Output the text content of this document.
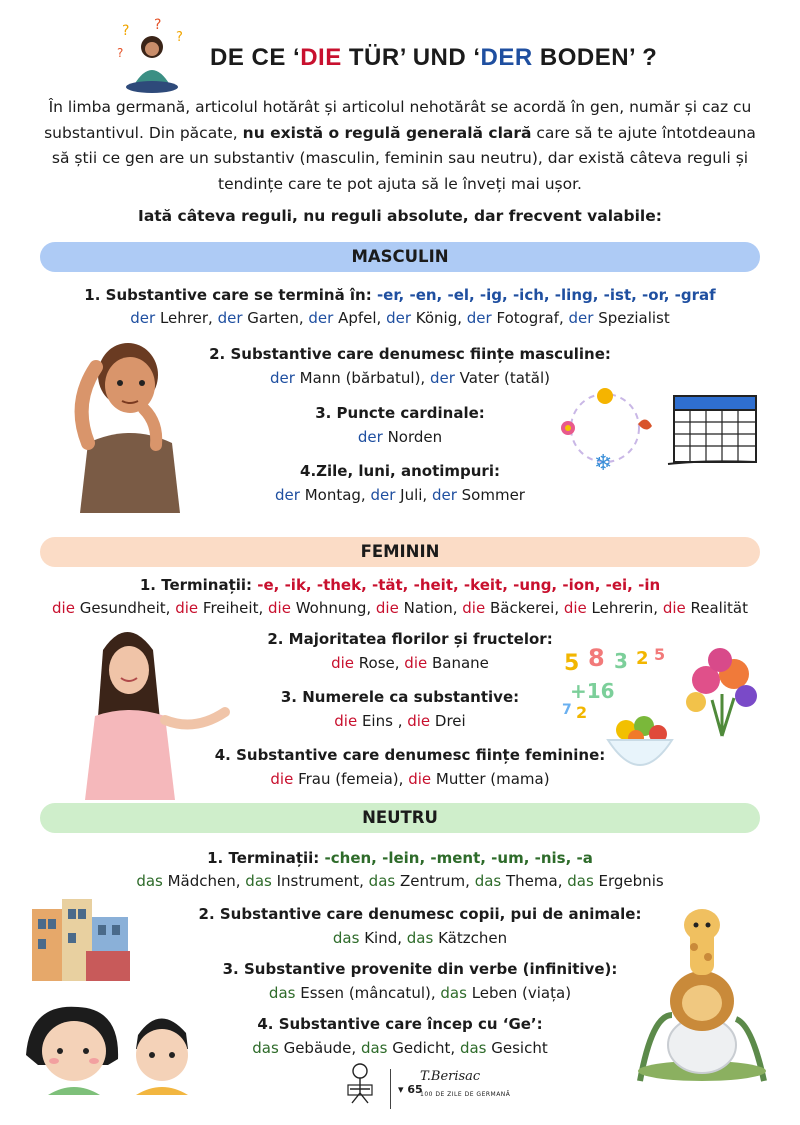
? ?
?
?	DE CE ‘DIE TÜR’ UND ‘DER BODEN’ ?
În limba germană, articolul hotărât și articolul nehotărât se acordă în gen, număr și caz cu substantivul. Din păcate, nu există o regulă generală clară care să te ajute întotdeauna să știi ce gen are un substantiv (masculin, feminin sau neutru), dar există câteva reguli și tendințe care te pot ajuta să le înveți mai ușor.
Iată câteva reguli, nu reguli absolute, dar frecvent valabile:
MASCULIN
1. Substantive care se termină în: -er, -en, -el, -ig, -ich, -ling, -ist, -or, -graf
der Lehrer, der Garten, der Apfel, der König, der Fotograf, der Spezialist
2. Substantive care denumesc ființe masculine:
der Mann (bărbatul), der Vater (tatăl)
3. Puncte cardinale:
der Norden
4.Zile, luni, anotimpuri:
der Montag, der Juli, der Sommer
❄
FEMININ
1. Terminații: -e, -ik, -thek, -tät, -heit, -keit, -ung, -ion, -ei, -in
die Gesundheit, die Freiheit, die Wohnung, die Nation, die Bäckerei, die Lehrerin, die Realität
2. Majoritatea florilor și fructelor:
die Rose, die Banane
3. Numerele ca substantive:
die Eins , die Drei
4. Substantive care denumesc ființe feminine:
die Frau (femeia), die Mutter (mama)
5 8 3 2 5
+16
7 2
NEUTRU
1. Terminații: -chen, -lein, -ment, -um, -nis, -a
das Mädchen, das Instrument, das Zentrum, das Thema, das Ergebnis
2. Substantive care denumesc copii, pui de animale:
das Kind, das Kätzchen
3. Substantive provenite din verbe (infinitive):
das Essen (mâncatul), das Leben (viața)
4. Substantive care încep cu ‘Ge’:
das Gebäude, das Gedicht, das Gesicht
▾ 65
T.Berisac
100 DE ZILE DE GERMANĂ
